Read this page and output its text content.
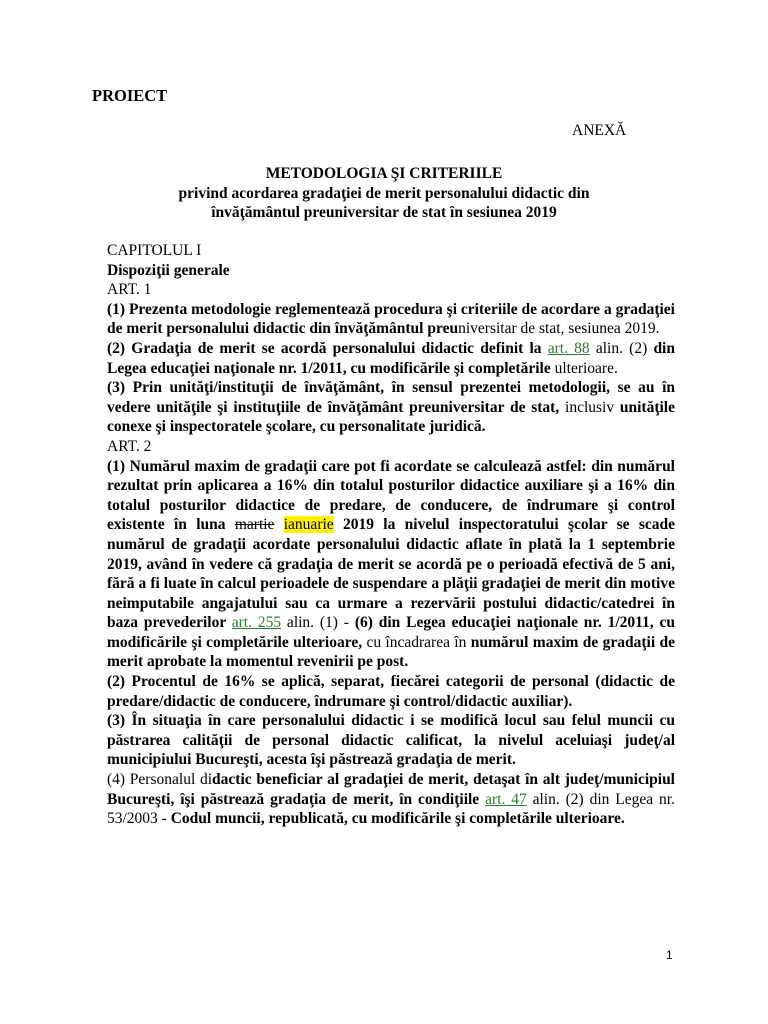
PROIECT
ANEXĂ
METODOLOGIA ŞI CRITERIILE
privind acordarea gradaţiei de merit personalului didactic din
învăţământul preuniversitar de stat în sesiunea 2019

CAPITOLUL I

Dispoziţii generale

ART. 1

(1) Prezenta metodologie reglementează procedura şi criteriile de acordare a gradaţiei de merit personalului didactic din învăţământul preuniversitar de stat, sesiunea 2019.

(2) Gradaţia de merit se acordă personalului didactic definit la art. 88 alin. (2) din Legea educaţiei naţionale nr. 1/2011, cu modificările şi completările ulterioare.

(3) Prin unităţi/instituţii de învăţământ, în sensul prezentei metodologii, se au în vedere unităţile şi instituţiile de învăţământ preuniversitar de stat, inclusiv unităţile conexe şi inspectoratele şcolare, cu personalitate juridică.

ART. 2

(1) Numărul maxim de gradaţii care pot fi acordate se calculează astfel: din numărul rezultat prin aplicarea a 16% din totalul posturilor didactice auxiliare şi a 16% din totalul posturilor didactice de predare, de conducere, de îndrumare şi control existente în luna martie ianuarie 2019 la nivelul inspectoratului şcolar se scade numărul de gradaţii acordate personalului didactic aflate în plată la 1 septembrie 2019, având în vedere că gradaţia de merit se acordă pe o perioadă efectivă de 5 ani, fără a fi luate în calcul perioadele de suspendare a plăţii gradaţiei de merit din motive neimputabile angajatului sau ca urmare a rezervării postului didactic/catedrei în baza prevederilor art. 255 alin. (1) - (6) din Legea educaţiei naţionale nr. 1/2011, cu modificările şi completările ulterioare, cu încadrarea în numărul maxim de gradaţii de merit aprobate la momentul revenirii pe post.

(2) Procentul de 16% se aplică, separat, fiecărei categorii de personal (didactic de predare/didactic de conducere, îndrumare şi control/didactic auxiliar).

(3) În situaţia în care personalului didactic i se modifică locul sau felul muncii cu păstrarea calităţii de personal didactic calificat, la nivelul aceluiaşi judeţ/al municipiului Bucureşti, acesta îşi păstrează gradaţia de merit.

(4) Personalul didactic beneficiar al gradaţiei de merit, detaşat în alt judeţ/municipiul Bucureşti, îşi păstrează gradaţia de merit, în condiţiile art. 47 alin. (2) din Legea nr. 53/2003 - Codul muncii, republicată, cu modificările şi completările ulterioare.

1
